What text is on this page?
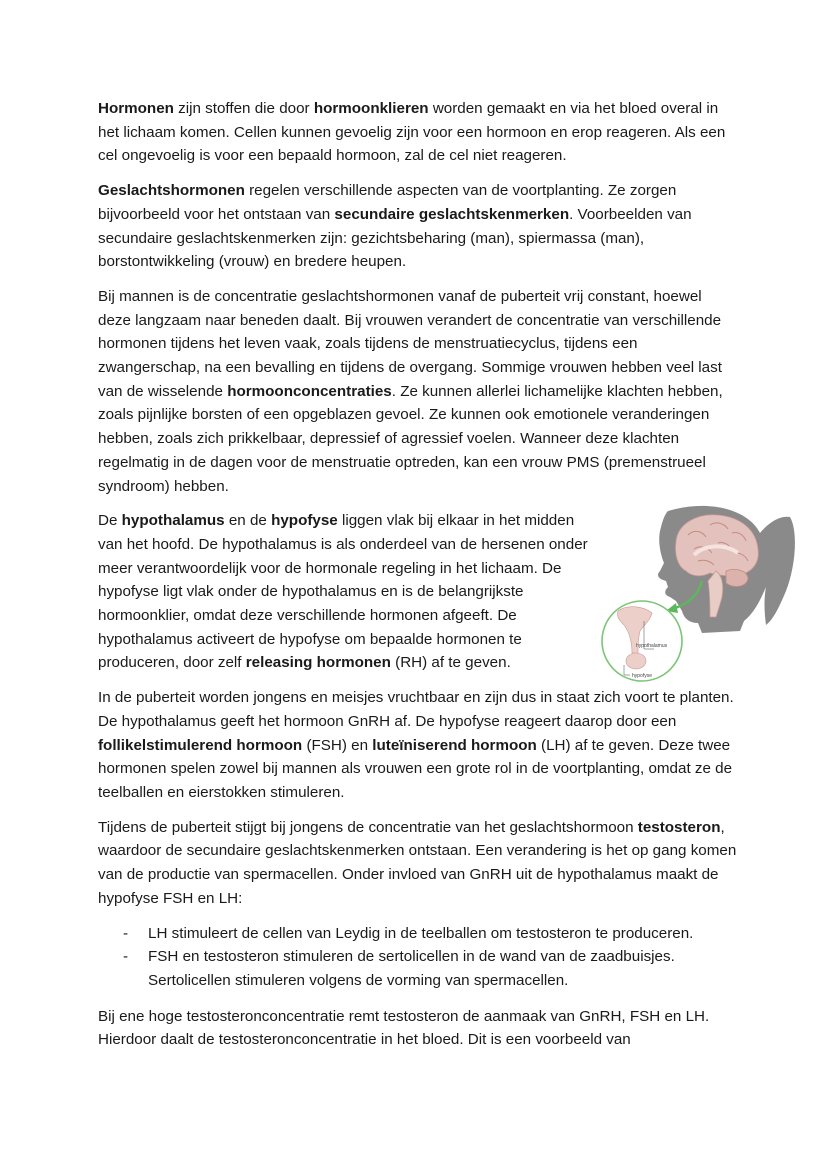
Hormonen zijn stoffen die door hormoonklieren worden gemaakt en via het bloed overal in het lichaam komen. Cellen kunnen gevoelig zijn voor een hormoon en erop reageren. Als een cel ongevoelig is voor een bepaald hormoon, zal de cel niet reageren.

Geslachtshormonen regelen verschillende aspecten van de voortplanting. Ze zorgen bijvoorbeeld voor het ontstaan van secundaire geslachtskenmerken. Voorbeelden van secundaire geslachtskenmerken zijn: gezichtsbeharing (man), spiermassa (man), borstontwikkeling (vrouw) en bredere heupen.

Bij mannen is de concentratie geslachtshormonen vanaf de puberteit vrij constant, hoewel deze langzaam naar beneden daalt. Bij vrouwen verandert de concentratie van verschillende hormonen tijdens het leven vaak, zoals tijdens de menstruatiecyclus, tijdens een zwangerschap, na een bevalling en tijdens de overgang. Sommige vrouwen hebben veel last van de wisselende hormoonconcentraties. Ze kunnen allerlei lichamelijke klachten hebben, zoals pijnlijke borsten of een opgeblazen gevoel. Ze kunnen ook emotionele veranderingen hebben, zoals zich prikkelbaar, depressief of agressief voelen. Wanneer deze klachten regelmatig in de dagen voor de menstruatie optreden, kan een vrouw PMS (premenstrueel syndroom) hebben.

De hypothalamus en de hypofyse liggen vlak bij elkaar in het midden van het hoofd. De hypothalamus is als onderdeel van de hersenen onder meer verantwoordelijk voor de hormonale regeling in het lichaam. De hypofyse ligt vlak onder de hypothalamus en is de belangrijkste hormoonklier, omdat deze verschillende hormonen afgeeft. De hypothalamus activeert de hypofyse om bepaalde hormonen te produceren, door zelf releasing hormonen (RH) af te geven.

hypothalamus
hypofyse

In de puberteit worden jongens en meisjes vruchtbaar en zijn dus in staat zich voort te planten. De hypothalamus geeft het hormoon GnRH af. De hypofyse reageert daarop door een follikelstimulerend hormoon (FSH) en luteïniserend hormoon (LH) af te geven. Deze twee hormonen spelen zowel bij mannen als vrouwen een grote rol in de voortplanting, omdat ze de teelballen en eierstokken stimuleren.

Tijdens de puberteit stijgt bij jongens de concentratie van het geslachtshormoon testosteron, waardoor de secundaire geslachtskenmerken ontstaan. Een verandering is het op gang komen van de productie van spermacellen. Onder invloed van GnRH uit de hypothalamus maakt de hypofyse FSH en LH:

- LH stimuleert de cellen van Leydig in de teelballen om testosteron te produceren.
- FSH en testosteron stimuleren de sertolicellen in de wand van de zaadbuisjes. Sertolicellen stimuleren volgens de vorming van spermacellen.

Bij ene hoge testosteronconcentratie remt testosteron de aanmaak van GnRH, FSH en LH. Hierdoor daalt de testosteronconcentratie in het bloed. Dit is een voorbeeld van
